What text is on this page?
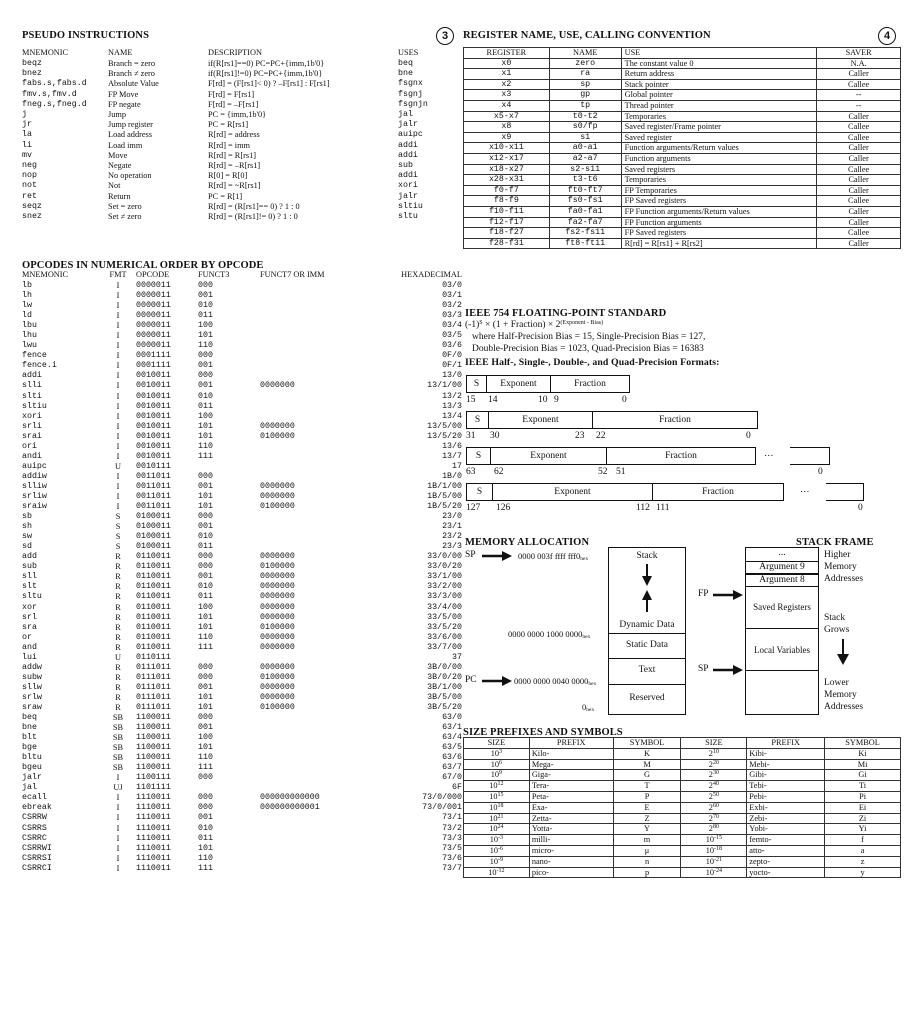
PSEUDO INSTRUCTIONS	3
MNEMONIC	NAME	DESCRIPTION	USES
beqz	Branch = zero	if(R[rs1]==0) PC=PC+{imm,1b'0}	beq
bnez	Branch ≠ zero	if(R[rs1]!=0) PC=PC+{imm,1b'0}	bne
fabs.s,fabs.d	Absolute Value	F[rd] = (F[rs1]< 0) ? –F[rs1] : F[rs1]	fsgnx
fmv.s,fmv.d	FP Move	F[rd] = F[rs1]	fsgnj
fneg.s,fneg.d	FP negate	F[rd] = –F[rs1]	fsgnjn
j	Jump	PC = {imm,1b'0}	jal
jr	Jump register	PC = R[rs1]	jalr
la	Load address	R[rd] = address	auipc
li	Load imm	R[rd] = imm	addi
mv	Move	R[rd] = R[rs1]	addi
neg	Negate	R[rd] = –R[rs1]	sub
nop	No operation	R[0] = R[0]	addi
not	Not	R[rd] = ~R[rs1]	xori
ret	Return	PC = R[1]	jalr
seqz	Set = zero	R[rd] = (R[rs1]== 0) ? 1 : 0	sltiu
snez	Set ≠ zero	R[rd] = (R[rs1]!= 0) ? 1 : 0	sltu
OPCODES IN NUMERICAL ORDER BY OPCODE
MNEMONIC	FMT	OPCODE	FUNCT3	FUNCT7 OR IMM	HEXADECIMAL
lb	I	0000011	000		03/0
lh	I	0000011	001		03/1
lw	I	0000011	010		03/2
ld	I	0000011	011		03/3
lbu	I	0000011	100		03/4
lhu	I	0000011	101		03/5
lwu	I	0000011	110		03/6
fence	I	0001111	000		0F/0
fence.i	I	0001111	001		0F/1
addi	I	0010011	000		13/0
slli	I	0010011	001	0000000	13/1/00
slti	I	0010011	010		13/2
sltiu	I	0010011	011		13/3
xori	I	0010011	100		13/4
srli	I	0010011	101	0000000	13/5/00
srai	I	0010011	101	0100000	13/5/20
ori	I	0010011	110		13/6
andi	I	0010011	111		13/7
auipc	U	0010111			17
addiw	I	0011011	000		1B/0
slliw	I	0011011	001	0000000	1B/1/00
srliw	I	0011011	101	0000000	1B/5/00
sraiw	I	0011011	101	0100000	1B/5/20
sb	S	0100011	000		23/0
sh	S	0100011	001		23/1
sw	S	0100011	010		23/2
sd	S	0100011	011		23/3
add	R	0110011	000	0000000	33/0/00
sub	R	0110011	000	0100000	33/0/20
sll	R	0110011	001	0000000	33/1/00
slt	R	0110011	010	0000000	33/2/00
sltu	R	0110011	011	0000000	33/3/00
xor	R	0110011	100	0000000	33/4/00
srl	R	0110011	101	0000000	33/5/00
sra	R	0110011	101	0100000	33/5/20
or	R	0110011	110	0000000	33/6/00
and	R	0110011	111	0000000	33/7/00
lui	U	0110111			37
addw	R	0111011	000	0000000	3B/0/00
subw	R	0111011	000	0100000	3B/0/20
sllw	R	0111011	001	0000000	3B/1/00
srlw	R	0111011	101	0000000	3B/5/00
sraw	R	0111011	101	0100000	3B/5/20
beq	SB	1100011	000		63/0
bne	SB	1100011	001		63/1
blt	SB	1100011	100		63/4
bge	SB	1100011	101		63/5
bltu	SB	1100011	110		63/6
bgeu	SB	1100011	111		63/7
jalr	I	1100111	000		67/0
jal	UJ	1101111			6F
ecall	I	1110011	000	000000000000	73/0/000
ebreak	I	1110011	000	000000000001	73/0/001
CSRRW	I	1110011	001		73/1
CSRRS	I	1110011	010		73/2
CSRRC	I	1110011	011		73/3
CSRRWI	I	1110011	101		73/5
CSRRSI	I	1110011	110		73/6
CSRRCI	I	1110011	111		73/7
REGISTER NAME, USE, CALLING CONVENTION	4
REGISTER	NAME	USE	SAVER
x0	zero	The constant value 0	N.A.
x1	ra	Return address	Caller
x2	sp	Stack pointer	Callee
x3	gp	Global pointer	--
x4	tp	Thread pointer	--
x5-x7	t0-t2	Temporaries	Caller
x8	s0/fp	Saved register/Frame pointer	Callee
x9	s1	Saved register	Callee
x10-x11	a0-a1	Function arguments/Return values	Caller
x12-x17	a2-a7	Function arguments	Caller
x18-x27	s2-s11	Saved registers	Callee
x28-x31	t3-t6	Temporaries	Caller
f0-f7	ft0-ft7	FP Temporaries	Caller
f8-f9	fs0-fs1	FP Saved registers	Callee
f10-f11	fa0-fa1	FP Function arguments/Return values	Caller
f12-f17	fa2-fa7	FP Function arguments	Caller
f18-f27	fs2-fs11	FP Saved registers	Callee
f28-f31	ft8-ft11	R[rd] = R[rs1] + R[rs2]	Caller
IEEE 754 FLOATING-POINT STANDARD
$(-1)^S \times (1$ + Fraction) × $2^{(Exponent - Bias)}$
where Half-Precision Bias = 15, Single-Precision Bias = 127,
Double-Precision Bias = 1023, Quad-Precision Bias = 16383
IEEE Half-, Single-, Double-, and Quad-Precision Formats:
S	Exponent	Fraction
15 14	10 9	0
S	Exponent	Fraction
31 30	23 22	0
S	Exponent	Fraction	…
63 62	52 51	0
S	Exponent	Fraction	…
127 126	112 111	0
MEMORY ALLOCATION
SP	0000 003f ffff $fff0_{hex}$	Stack
Dynamic Data
Static Data
Text
Reserved
0000 0000 1000 $0000_{hex}$
PC	0000 0000 0040 $0000_{hex}$
$0_{hex}$
STACK FRAME
...
Argument 9
Argument 8
Saved Registers
Local Variables
FP
SP
Higher
Memory
Addresses
Stack
Grows
Lower
Memory
Addresses
SIZE PREFIXES AND SYMBOLS
SIZE	PREFIX	SYMBOL	SIZE	PREFIX	SYMBOL
$10^3$	Kilo-	K	$2^{10}$	Kibi-	Ki
$10^6$	Mega-	M	$2^{20}$	Mebi-	Mi
$10^9$	Giga-	G	$2^{30}$	Gibi-	Gi
$10^{12}$	Tera-	T	$2^{40}$	Tebi-	Ti
$10^{15}$	Peta-	P	$2^{50}$	Pebi-	Pi
$10^{18}$	Exa-	E	$2^{60}$	Exbi-	Ei
$10^{21}$	Zetta-	Z	$2^{70}$	Zebi-	Zi
$10^{24}$	Yotta-	Y	$2^{80}$	Yobi-	Yi
$10^{-3}$	milli-	m	$10^{-15}$	femto-	f
$10^{-6}$	micro-	μ	$10^{-18}$	atto-	a
$10^{-9}$	nano-	n	$10^{-21}$	zepto-	z
$10^{-12}$	pico-	p	$10^{-24}$	yocto-	y
